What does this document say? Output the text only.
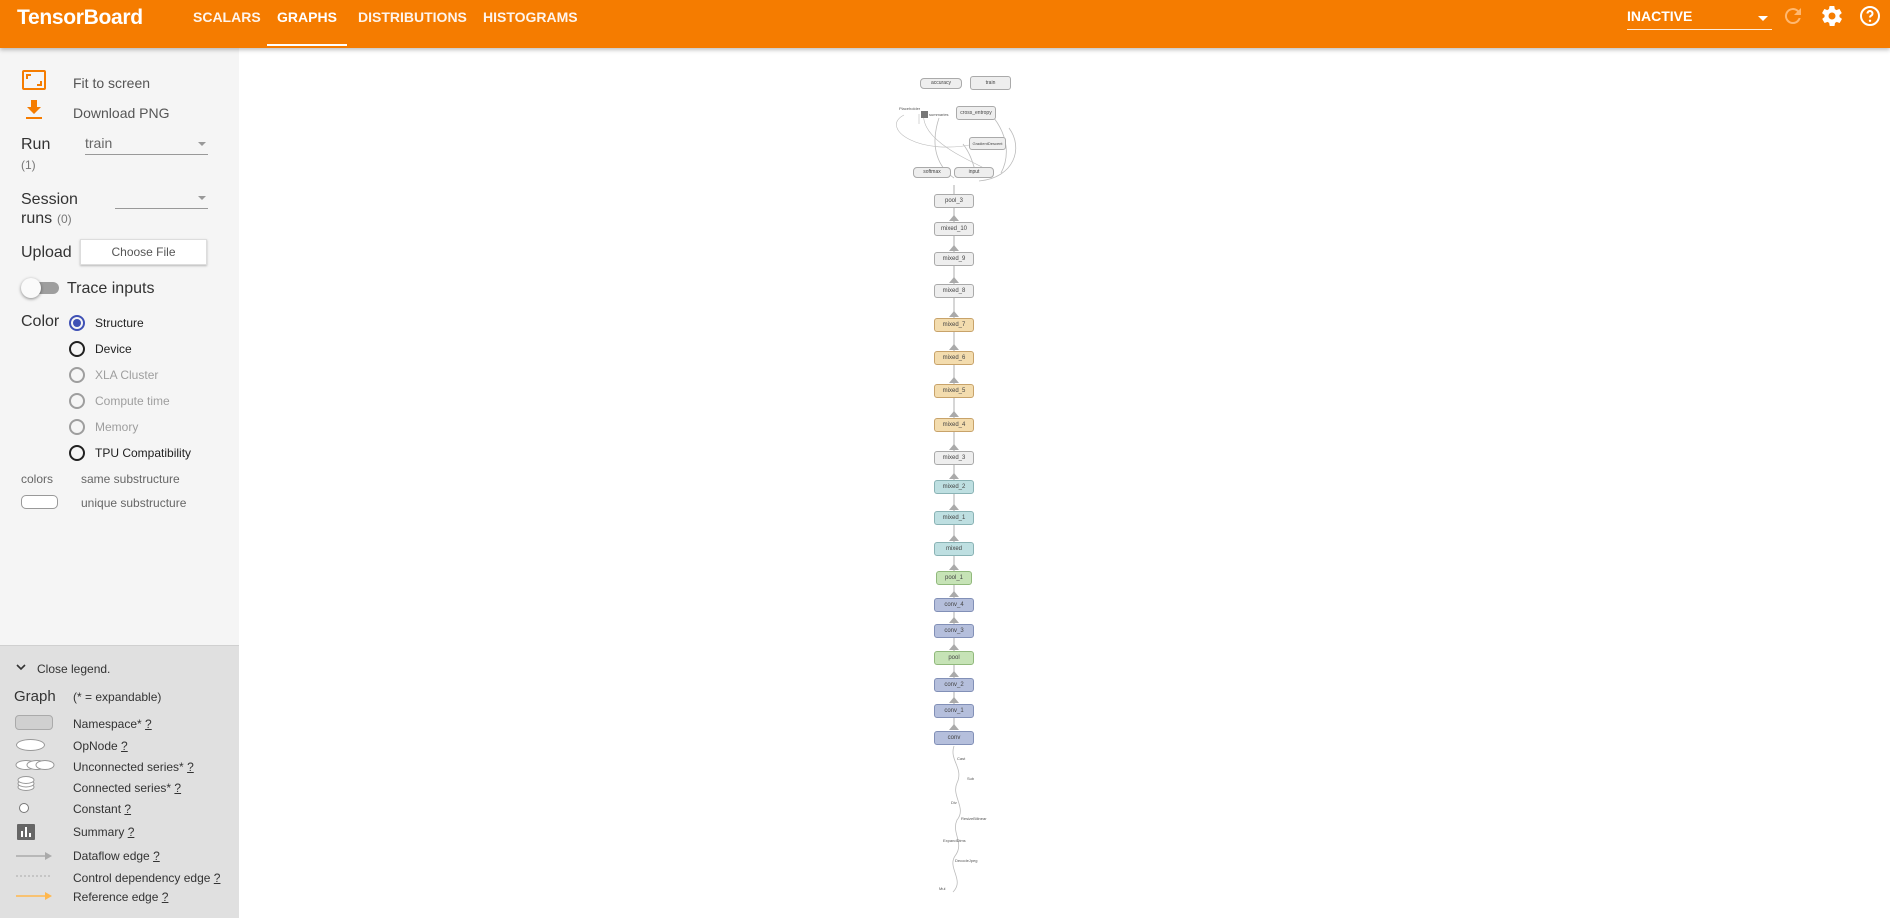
TensorBoard	SCALARS	GRAPHS	DISTRIBUTIONS HISTOGRAMS	INACTIVE
Fit to screen
Download PNG
Run
(1)
train
Session
runs (0)
Upload	Choose File
Trace inputs
Color	Structure
Device
XLA Cluster
Compute time
Memory
TPU Compatibility
colors same substructure
unique substructure
Close legend.
Graph (* = expandable)
Namespace* ?
OpNode ?
Unconnected series* ?
Connected series* ?
Constant ?
Summary ?
Dataflow edge ?
Control dependency edge ?
Reference edge ?
accuracy	train
cross_entropy
GradientDescent
softmax	input
Placeholder
summaries
pool_3
mixed_10
mixed_9
mixed_8
mixed_7
mixed_6
mixed_5
mixed_4
mixed_3
mixed_2
mixed_1
mixed
pool_1
conv_4
conv_3
pool
conv_2
conv_1
conv
Cast
Sub
Div
ResizeBilinear
ExpandDims
DecodeJpeg
Mul
